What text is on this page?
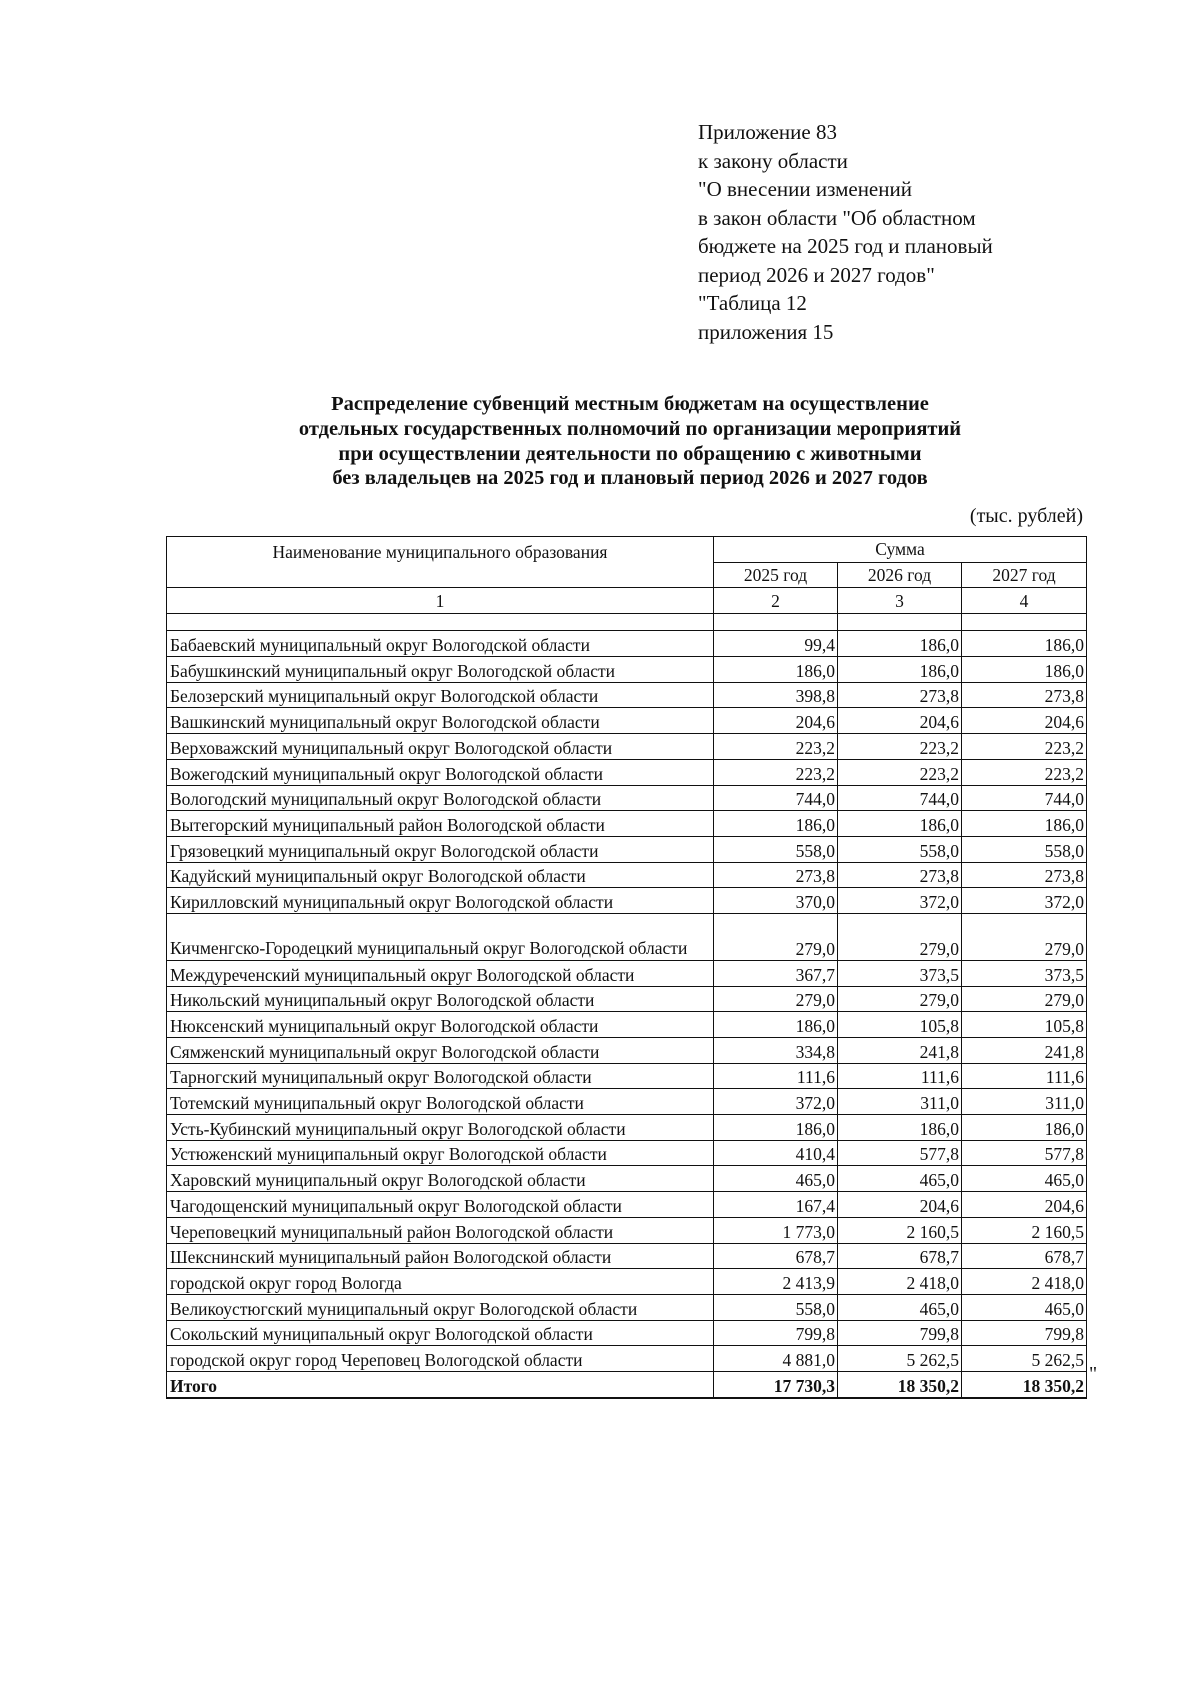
Приложение 83
к закону области
"О внесении изменений
в закон области "Об областном
бюджете на 2025 год и плановый
период 2026 и 2027 годов"
"Таблица 12
приложения 15
Распределение субвенций местным бюджетам на осуществление
отдельных государственных полномочий по организации мероприятий
при осуществлении деятельности по обращению с животными
без владельцев на 2025 год и плановый период 2026 и 2027 годов
(тыс. рублей)
Наименование муниципального образования	Сумма		
	2025 год	2026 год	2027 год
1	2	3	4

Бабаевский муниципальный округ Вологодской области	99,4	186,0	186,0
Бабушкинский муниципальный округ Вологодской области	186,0	186,0	186,0
Белозерский муниципальный округ Вологодской области	398,8	273,8	273,8
Вашкинский муниципальный округ Вологодской области	204,6	204,6	204,6
Верховажский муниципальный округ Вологодской области	223,2	223,2	223,2
Вожегодский муниципальный округ Вологодской области	223,2	223,2	223,2
Вологодский муниципальный округ Вологодской области	744,0	744,0	744,0
Вытегорский муниципальный район Вологодской области	186,0	186,0	186,0
Грязовецкий муниципальный округ Вологодской области	558,0	558,0	558,0
Кадуйский муниципальный округ Вологодской области	273,8	273,8	273,8
Кирилловский муниципальный округ Вологодской области	370,0	372,0	372,0
Кичменгско-Городецкий муниципальный округ Вологодской области	279,0	279,0	279,0
Междуреченский муниципальный округ Вологодской области	367,7	373,5	373,5
Никольский муниципальный округ Вологодской области	279,0	279,0	279,0
Нюксенский муниципальный округ Вологодской области	186,0	105,8	105,8
Сямженский муниципальный округ Вологодской области	334,8	241,8	241,8
Тарногский муниципальный округ Вологодской области	111,6	111,6	111,6
Тотемский муниципальный округ Вологодской области	372,0	311,0	311,0
Усть-Кубинский муниципальный округ Вологодской области	186,0	186,0	186,0
Устюженский муниципальный округ Вологодской области	410,4	577,8	577,8
Харовский муниципальный округ Вологодской области	465,0	465,0	465,0
Чагодощенский муниципальный округ Вологодской области	167,4	204,6	204,6
Череповецкий муниципальный район Вологодской области	1 773,0	2 160,5	2 160,5
Шекснинский муниципальный район Вологодской области	678,7	678,7	678,7
городской округ город Вологда	2 413,9	2 418,0	2 418,0
Великоустюгский муниципальный округ Вологодской области	558,0	465,0	465,0
Сокольский муниципальный округ Вологодской области	799,8	799,8	799,8
городской округ город Череповец Вологодской области	4 881,0	5 262,5	5 262,5
Итого	17 730,3	18 350,2	18 350,2
"
